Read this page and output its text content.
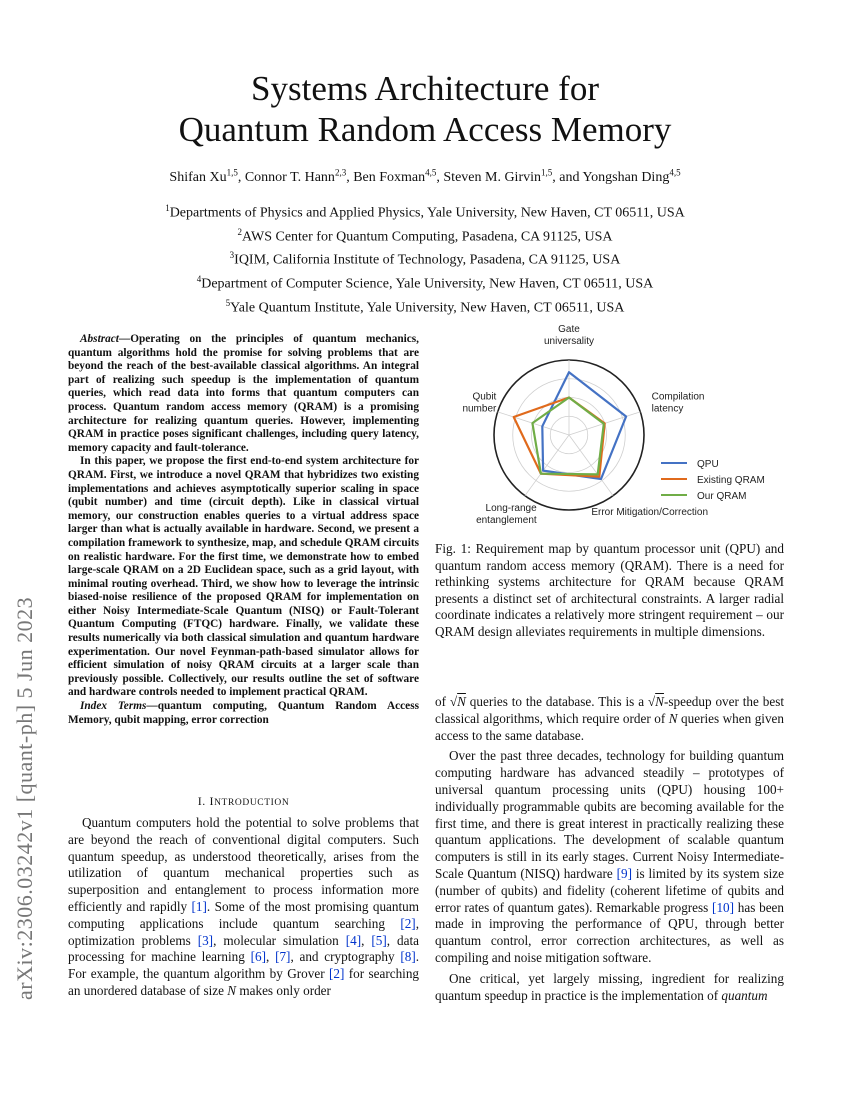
Systems Architecture for
Quantum Random Access Memory
Shifan Xu$^{1,5}$, Connor T. Hann$^{2,3}$, Ben Foxman$^{4,5}$, Steven M. Girvin$^{1,5}$, and Yongshan Ding$^{4,5}$
$^1$Departments of Physics and Applied Physics, Yale University, New Haven, CT 06511, USA
$^2$AWS Center for Quantum Computing, Pasadena, CA 91125, USA
$^3$IQIM, California Institute of Technology, Pasadena, CA 91125, USA
$^4$Department of Computer Science, Yale University, New Haven, CT 06511, USA
$^5$Yale Quantum Institute, Yale University, New Haven, CT 06511, USA
arXiv:2306.03242v1 [quant-ph] 5 Jun 2023

Abstract—Operating on the principles of quantum mechanics, quantum algorithms hold the promise for solving problems that are beyond the reach of the best-available classical algorithms. An integral part of realizing such speedup is the implementation of quantum queries, which read data into forms that quantum computers can process. Quantum random access memory (QRAM) is a promising architecture for realizing quantum queries. However, implementing QRAM in practice poses significant challenges, including query latency, memory capacity and fault-tolerance.

In this paper, we propose the first end-to-end system architecture for QRAM. First, we introduce a novel QRAM that hybridizes two existing implementations and achieves asymptotically superior scaling in space (qubit number) and time (circuit depth). Like in classical virtual memory, our construction enables queries to a virtual address space larger than what is actually available in hardware. Second, we present a compilation framework to synthesize, map, and schedule QRAM circuits on realistic hardware. For the first time, we demonstrate how to embed large-scale QRAM on a 2D Euclidean space, such as a grid layout, with minimal routing overhead. Third, we show how to leverage the intrinsic biased-noise resilience of the proposed QRAM for implementation on either Noisy Intermediate-Scale Quantum (NISQ) or Fault-Tolerant Quantum Computing (FTQC) hardware. Finally, we validate these results numerically via both classical simulation and quantum hardware experimentation. Our novel Feynman-path-based simulator allows for efficient simulation of noisy QRAM circuits at a larger scale than previously possible. Collectively, our results outline the set of software and hardware controls needed to implement practical QRAM.

Index Terms—quantum computing, Quantum Random Access Memory, qubit mapping, error correction

I. INTRODUCTION

Quantum computers hold the potential to solve problems that are beyond the reach of conventional digital computers. Such quantum speedup, as understood theoretically, arises from the utilization of quantum mechanical properties such as superposition and entanglement to process information more efficiently and rapidly [1]. Some of the most promising quantum computing applications include quantum searching [2], optimization problems [3], molecular simulation [4], [5], data processing for machine learning [6], [7], and cryptography [8]. For example, the quantum algorithm by Grover [2] for searching an unordered database of size N makes only order

Gate
universality
Compilation
latency
Error Mitigation/Correction
Long-range
entanglement
Qubit
number
QPU
Existing QRAM
Our QRAM
Fig. 1: Requirement map by quantum processor unit (QPU) and quantum random access memory (QRAM). There is a need for rethinking systems architecture for QRAM because QRAM presents a distinct set of architectural constraints. A larger radial coordinate indicates a relatively more stringent requirement – our QRAM design alleviates requirements in multiple dimensions.

of √N queries to the database. This is a √N-speedup over the best classical algorithms, which require order of N queries when given access to the same database.

Over the past three decades, technology for building quantum computing hardware has advanced steadily – prototypes of universal quantum processing units (QPU) housing 100+ individually programmable qubits are becoming available for the first time, and there is great interest in practically realizing these quantum applications. The development of scalable quantum computers is still in its early stages. Current Noisy Intermediate-Scale Quantum (NISQ) hardware [9] is limited by its system size (number of qubits) and fidelity (coherent lifetime of qubits and error rates of quantum gates). Remarkable progress [10] has been made in improving the performance of QPU, through better quantum control, error correction architectures, as well as compiling and noise mitigation software.

One critical, yet largely missing, ingredient for realizing quantum speedup in practice is the implementation of quantum
